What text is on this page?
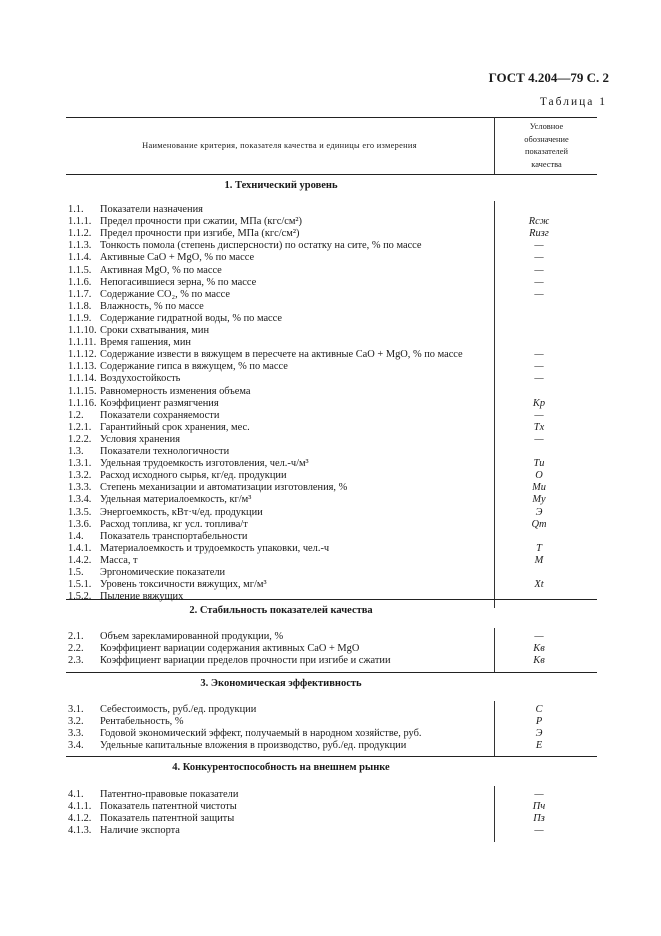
ГОСТ 4.204—79 С. 2
Таблица 1
Наименование критерия, показателя качества и единицы его измерения
Условное
обозначение
показателей
качества
1. Технический уровень
1.1. Показатели назначения
1.1.1. Предел прочности при сжатии, МПа (кгс/см²)	Rсж
1.1.2. Предел прочности при изгибе, МПа (кгс/см²)	Rизг
1.1.3. Тонкость помола (степень дисперсности) по остатку на сите, % по массе	—
1.1.4. Активные CaO + MgO, % по массе	—
1.1.5. Активная MgO, % по массе	—
1.1.6. Непогасившиеся зерна, % по массе	—
1.1.7. Содержание CO₂, % по массе	—
1.1.8. Влажность, % по массе
1.1.9. Содержание гидратной воды, % по массе
1.1.10. Сроки схватывания, мин
1.1.11. Время гашения, мин
1.1.12. Содержание извести в вяжущем в пересчете на активные CaO + MgO, % по массе	—
1.1.13. Содержание гипса в вяжущем, % по массе	—
1.1.14. Воздухостойкость	—
1.1.15. Равномерность изменения объема
1.1.16. Коэффициент размягчения	Kр
1.2. Показатели сохраняемости	—
1.2.1. Гарантийный срок хранения, мес.	Tх
1.2.2. Условия хранения	—
1.3. Показатели технологичности
1.3.1. Удельная трудоемкость изготовления, чел.-ч/м³	Tи
1.3.2. Расход исходного сырья, кг/ед. продукции	O
1.3.3. Степень механизации и автоматизации изготовления, %	Mи
1.3.4. Удельная материалоемкость, кг/м³	Mу
1.3.5. Энергоемкость, кВт·ч/ед. продукции	Э
1.3.6. Расход топлива, кг усл. топлива/т	Qт
1.4. Показатель транспортабельности
1.4.1. Материалоемкость и трудоемкость упаковки, чел.-ч	T
1.4.2. Масса, т	M
1.5. Эргономические показатели
1.5.1. Уровень токсичности вяжущих, мг/м³	Xt
1.5.2. Пыление вяжущих
2. Стабильность показателей качества
2.1. Объем зарекламированной продукции, %	—
2.2. Коэффициент вариации содержания активных CaO + MgO	Kв
2.3. Коэффициент вариации пределов прочности при изгибе и сжатии	Kв
3. Экономическая эффективность
3.1. Себестоимость, руб./ед. продукции	C
3.2. Рентабельность, %	P
3.3. Годовой экономический эффект, получаемый в народном хозяйстве, руб.	Э
3.4. Удельные капитальные вложения в производство, руб./ед. продукции	E
4. Конкурентоспособность на внешнем рынке
4.1. Патентно-правовые показатели	—
4.1.1. Показатель патентной чистоты	Пч
4.1.2. Показатель патентной защиты	Пз
4.1.3. Наличие экспорта	—
